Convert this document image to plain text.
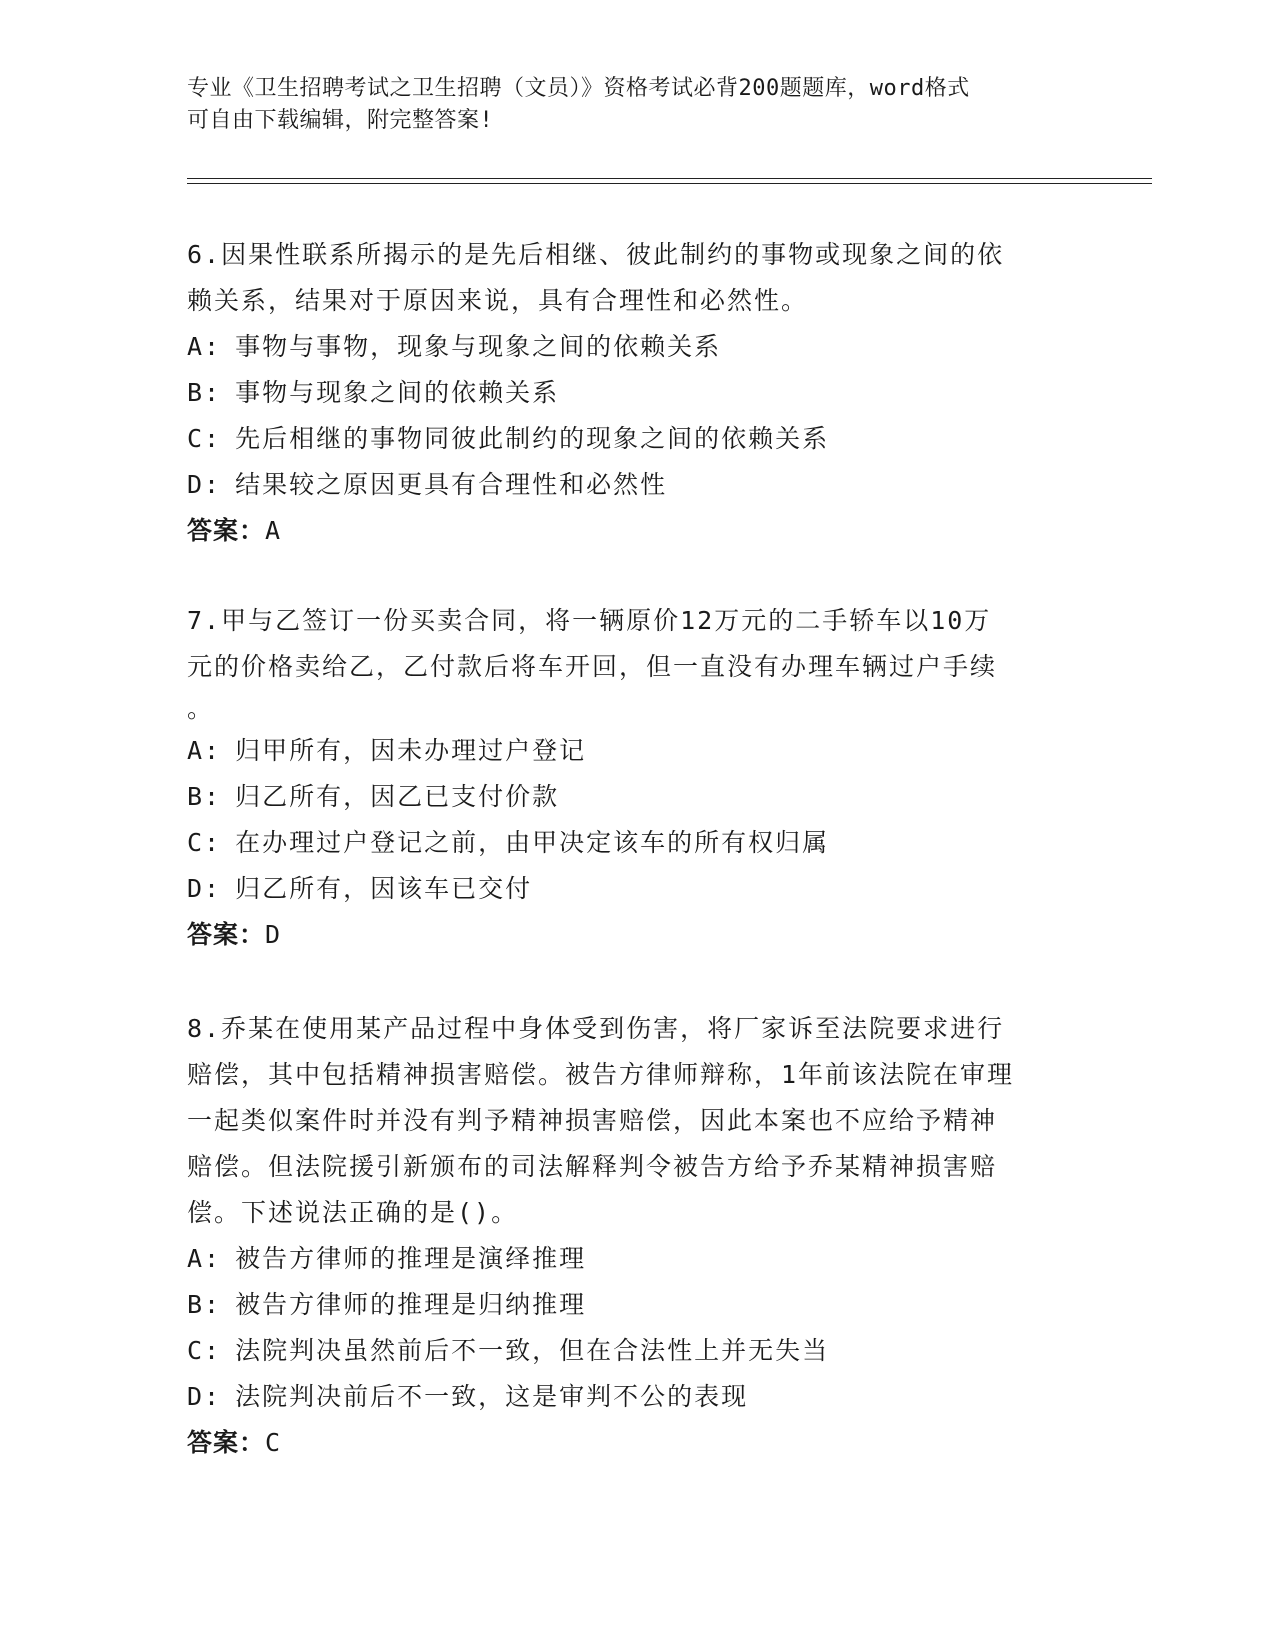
专业《卫生招聘考试之卫生招聘（文员）》资格考试必背200题题库，word格式
可自由下载编辑，附完整答案!
6.因果性联系所揭示的是先后相继、彼此制约的事物或现象之间的依
赖关系，结果对于原因来说，具有合理性和必然性。
A: 事物与事物，现象与现象之间的依赖关系
B: 事物与现象之间的依赖关系
C: 先后相继的事物同彼此制约的现象之间的依赖关系
D: 结果较之原因更具有合理性和必然性
答案：A
7.甲与乙签订一份买卖合同，将一辆原价12万元的二手轿车以10万
元的价格卖给乙，乙付款后将车开回，但一直没有办理车辆过户手续
。
A: 归甲所有，因未办理过户登记
B: 归乙所有，因乙已支付价款
C: 在办理过户登记之前，由甲决定该车的所有权归属
D: 归乙所有，因该车已交付
答案：D
8.乔某在使用某产品过程中身体受到伤害，将厂家诉至法院要求进行
赔偿，其中包括精神损害赔偿。被告方律师辩称，1年前该法院在审理
一起类似案件时并没有判予精神损害赔偿，因此本案也不应给予精神
赔偿。但法院援引新颁布的司法解释判令被告方给予乔某精神损害赔
偿。下述说法正确的是()。
A: 被告方律师的推理是演绎推理
B: 被告方律师的推理是归纳推理
C: 法院判决虽然前后不一致，但在合法性上并无失当
D: 法院判决前后不一致，这是审判不公的表现
答案：C
